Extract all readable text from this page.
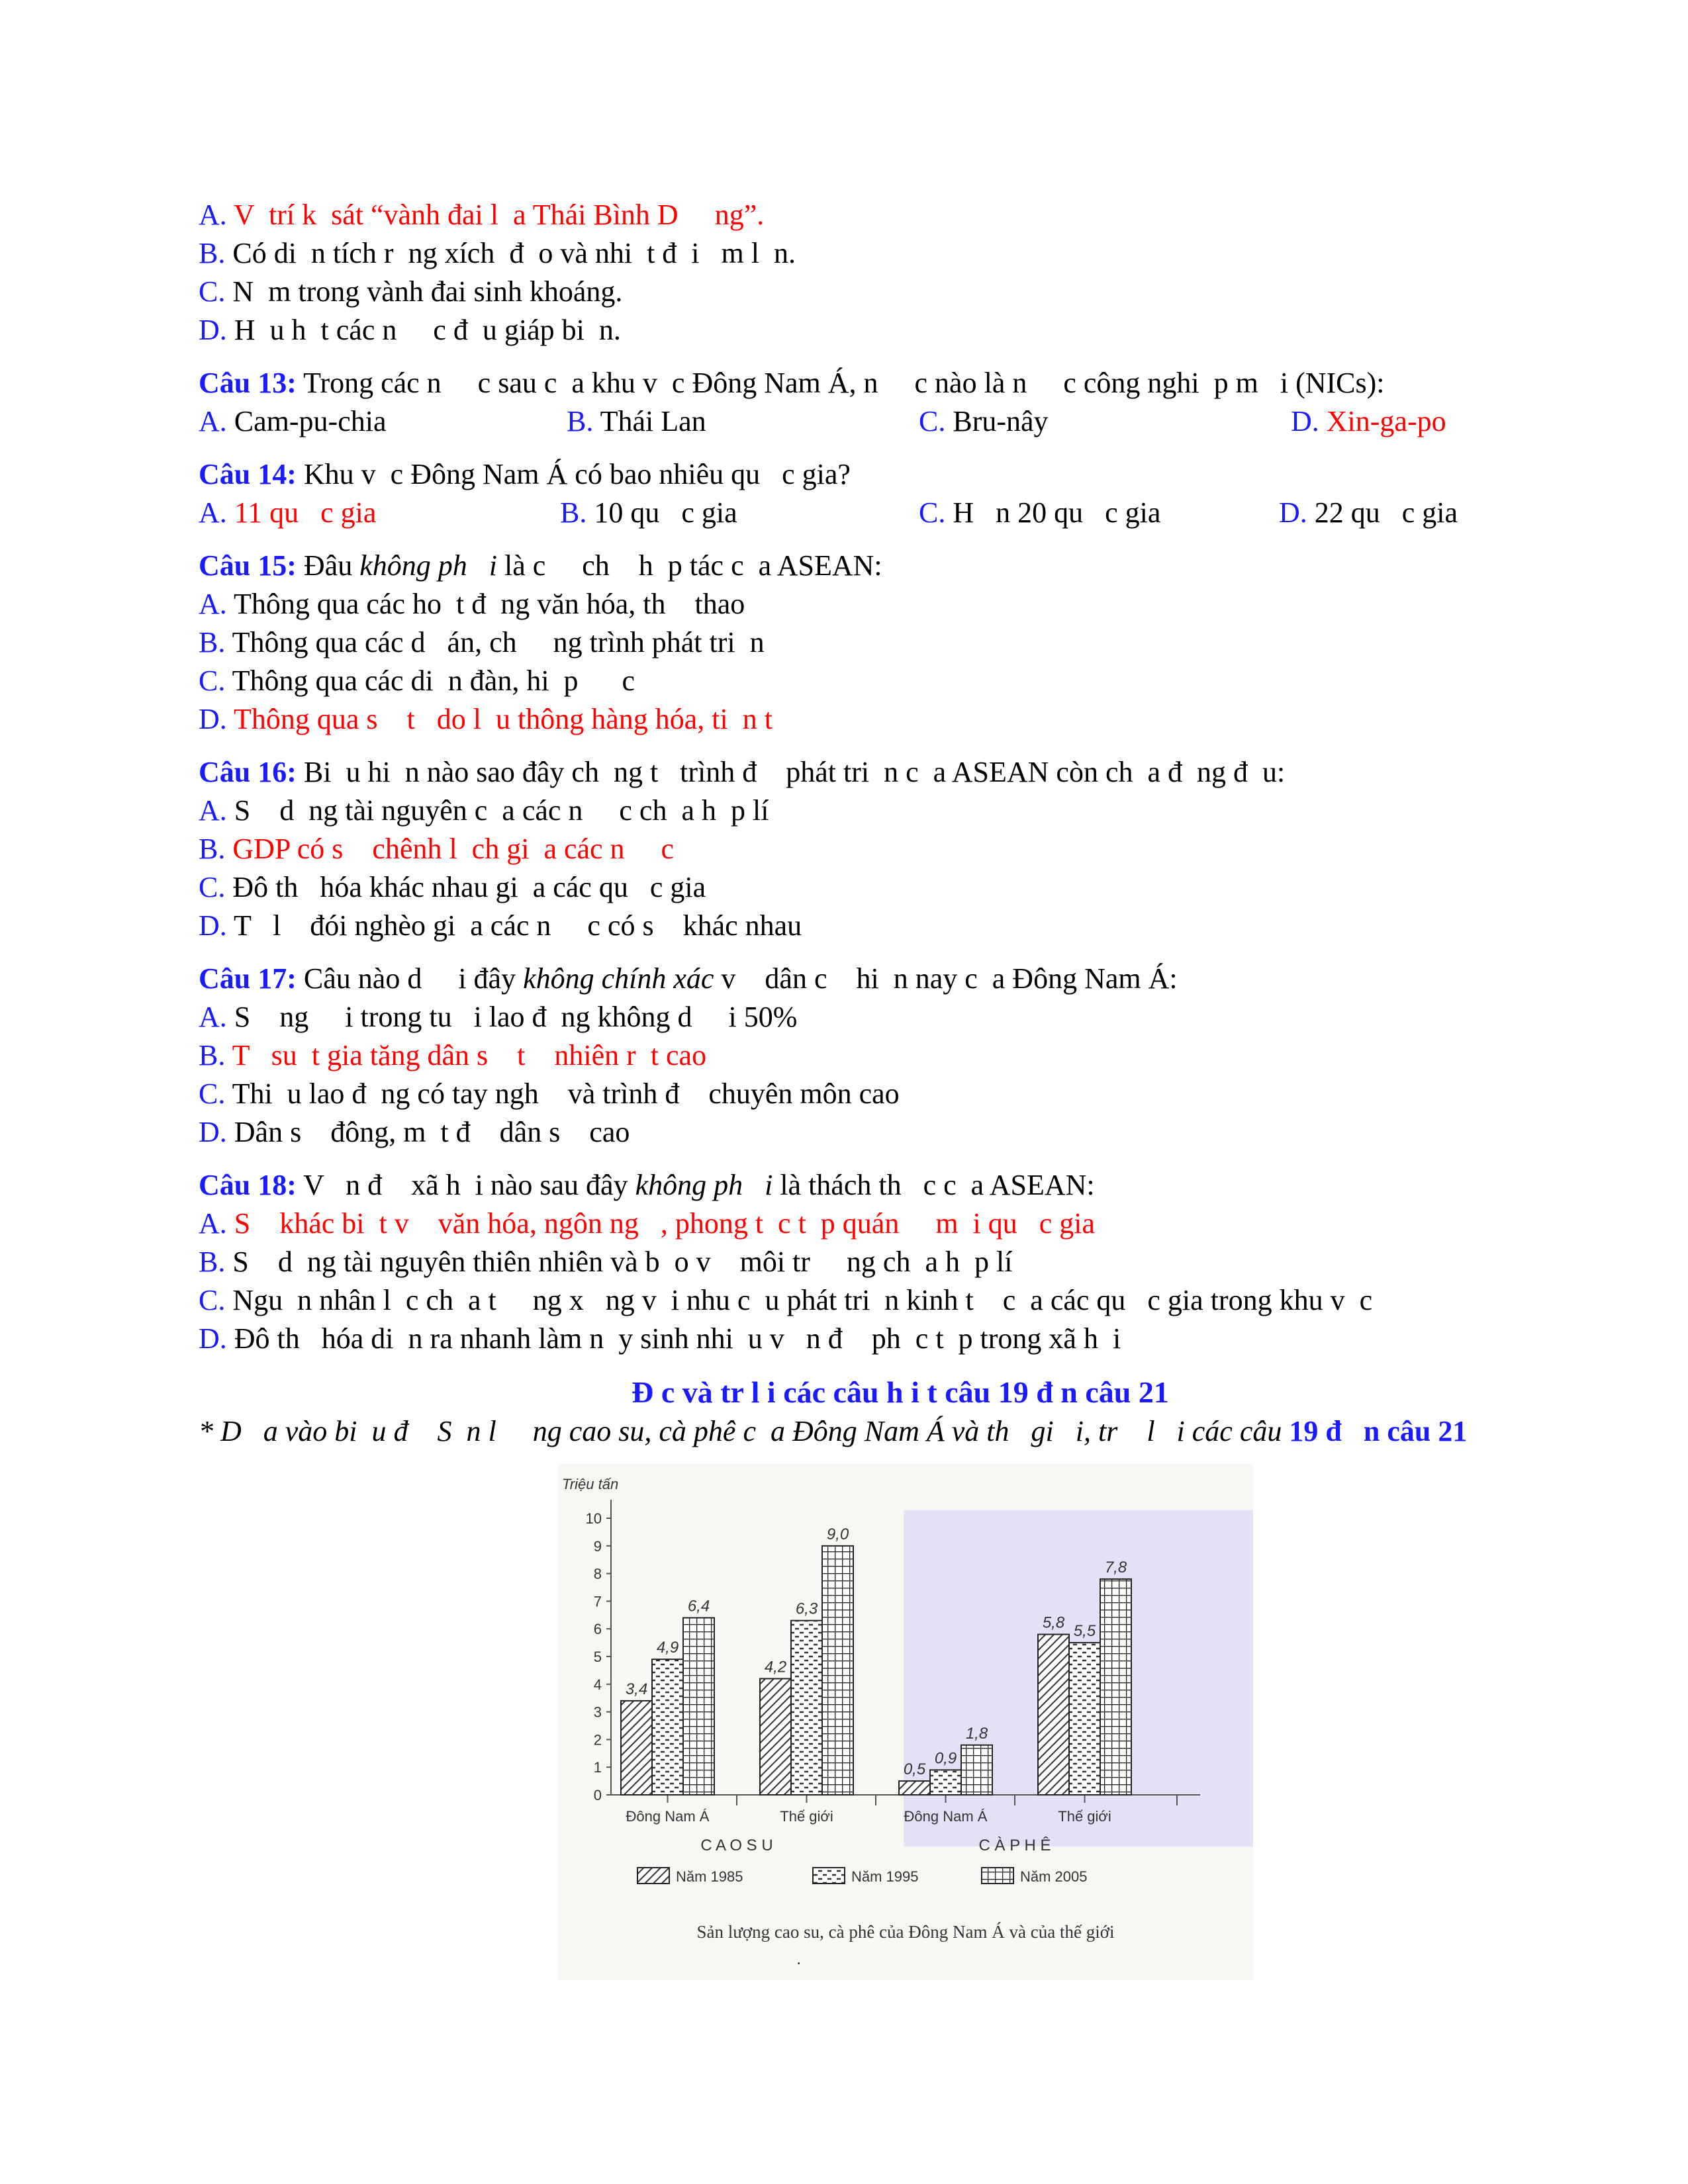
A. V  trí k  sát “vành đai l  a Thái Bình D     ng”.
B. Có di  n tích r  ng xích  đ  o và nhi  t đ  i   m l  n.
C. N  m trong vành đai sinh khoáng.
D. H  u h  t các n     c đ  u giáp bi  n.
Câu 13: Trong các n     c sau c  a khu v  c Đông Nam Á, n     c nào là n     c công nghi  p m   i (NICs):
A. Cam-pu-chia	B. Thái Lan	C. Bru-nây	D. Xin-ga-po
Câu 14: Khu v  c Đông Nam Á có bao nhiêu qu   c gia?
A. 11 qu   c gia	B. 10 qu   c gia	C. H   n 20 qu   c gia	D. 22 qu   c gia
Câu 15: Đâu không ph   i là c     ch    h  p tác c  a ASEAN:
A. Thông qua các ho  t đ  ng văn hóa, th    thao
B. Thông qua các d   án, ch     ng trình phát tri  n
C. Thông qua các di  n đàn, hi  p      c
D. Thông qua s    t   do l  u thông hàng hóa, ti  n t
Câu 16: Bi  u hi  n nào sao đây ch  ng t   trình đ    phát tri  n c  a ASEAN còn ch  a đ  ng đ  u:
A. S    d  ng tài nguyên c  a các n     c ch  a h  p lí
B. GDP có s    chênh l  ch gi  a các n     c
C. Đô th   hóa khác nhau gi  a các qu   c gia
D. T   l    đói nghèo gi  a các n     c có s    khác nhau
Câu 17: Câu nào d     i đây không chính xác v    dân c    hi  n nay c  a Đông Nam Á:
A. S    ng     i trong tu   i lao đ  ng không d     i 50%
B. T   su  t gia tăng dân s    t    nhiên r  t cao
C. Thi  u lao đ  ng có tay ngh    và trình đ    chuyên môn cao
D. Dân s    đông, m  t đ    dân s    cao
Câu 18: V   n đ    xã h  i nào sau đây không ph   i là thách th   c c  a ASEAN:
A. S    khác bi  t v    văn hóa, ngôn ng   , phong t  c t  p quán     m  i qu   c gia
B. S    d  ng tài nguyên thiên nhiên và b  o v    môi tr     ng ch  a h  p lí
C. Ngu  n nhân l  c ch  a t     ng x   ng v  i nhu c  u phát tri  n kinh t    c  a các qu   c gia trong khu v  c
D. Đô th   hóa di  n ra nhanh làm n  y sinh nhi  u v   n đ    ph  c t  p trong xã h  i
Đ c và tr l i các câu h i t câu 19 đ n câu 21
* D   a vào bi  u đ    S  n l     ng cao su, cà phê c  a Đông Nam Á và th   gi   i, tr    l   i các câu 19 đ n câu 21
Triệu tấn
0
1
2
3
4
5
6
7
8
9
10
Đông Nam Á	Thế giới	Đông Nam Á	Thế giới
C A O S U	C À P H Ê
3,4
4,9
6,4
4,2
6,3
9,0
0,5
0,9
1,8
5,8 5,5
7,8
Năm 1985	Năm 1995	Năm 2005
Sản lượng cao su, cà phê của Đông Nam Á và của thế giới
.
